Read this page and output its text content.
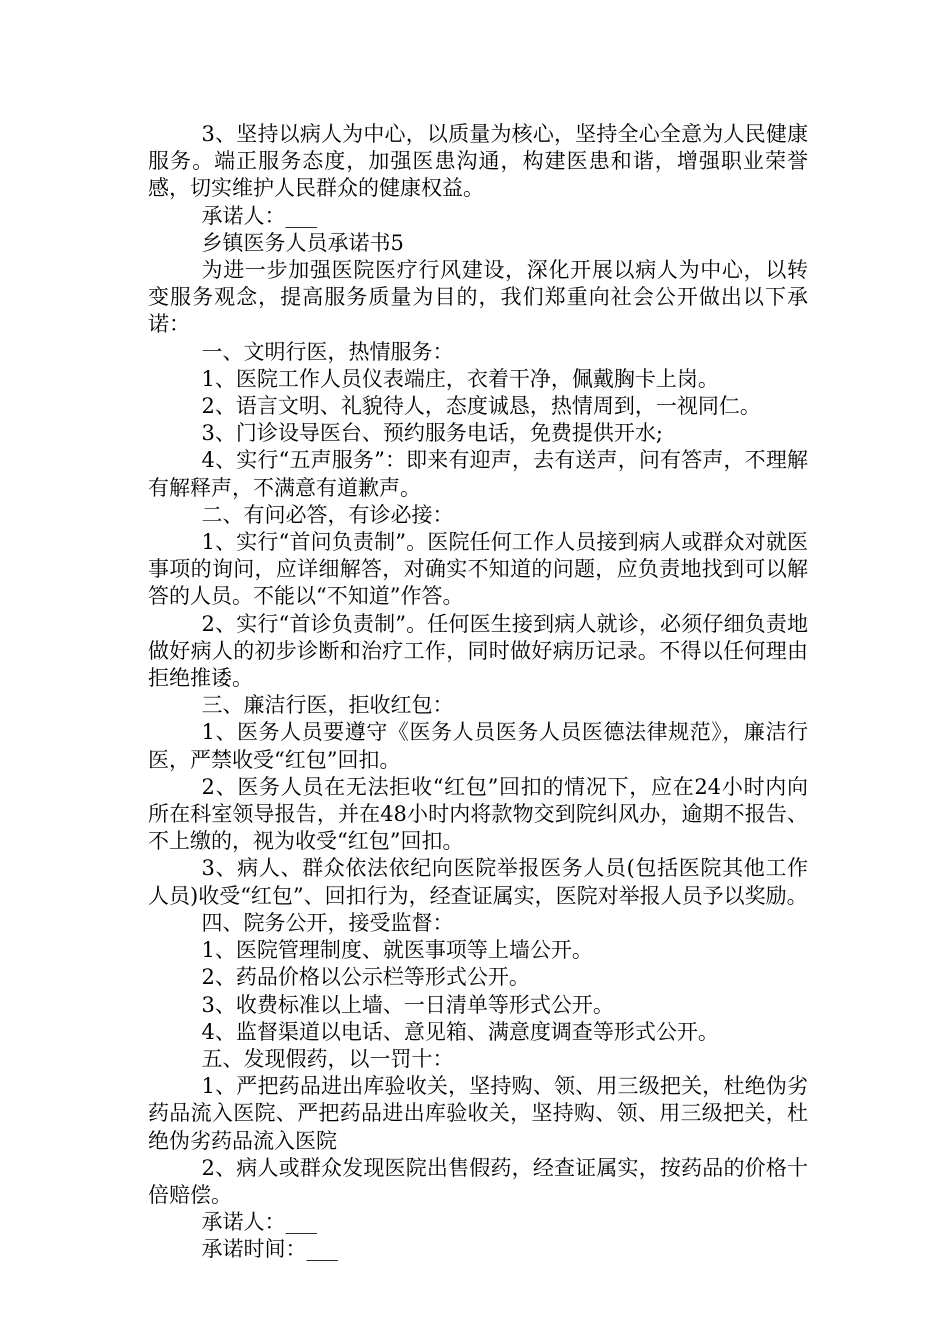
3、坚持以病人为中心，以质量为核心，坚持全心全意为人民健康服务。端正服务态度，加强医患沟通，构建医患和谐，增强职业荣誉感，切实维护人民群众的健康权益。

承诺人：___

乡镇医务人员承诺书5

为进一步加强医院医疗行风建设，深化开展以病人为中心，以转变服务观念，提高服务质量为目的，我们郑重向社会公开做出以下承诺：

一、文明行医，热情服务：

1、医院工作人员仪表端庄，衣着干净，佩戴胸卡上岗。

2、语言文明、礼貌待人，态度诚恳，热情周到，一视同仁。

3、门诊设导医台、预约服务电话，免费提供开水;

4、实行“五声服务”：即来有迎声，去有送声，问有答声，不理解有解释声，不满意有道歉声。

二、有问必答，有诊必接：

1、实行“首问负责制”。医院任何工作人员接到病人或群众对就医事项的询问，应详细解答，对确实不知道的问题，应负责地找到可以解答的人员。不能以“不知道”作答。

2、实行“首诊负责制”。任何医生接到病人就诊，必须仔细负责地做好病人的初步诊断和治疗工作，同时做好病历记录。不得以任何理由拒绝推诿。

三、廉洁行医，拒收红包：

1、医务人员要遵守《医务人员医务人员医德法律规范》，廉洁行医，严禁收受“红包”回扣。

2、医务人员在无法拒收“红包”回扣的情况下，应在24小时内向所在科室领导报告，并在48小时内将款物交到院纠风办，逾期不报告、不上缴的，视为收受“红包”回扣。

3、病人、群众依法依纪向医院举报医务人员(包括医院其他工作人员)收受“红包”、回扣行为，经查证属实，医院对举报人员予以奖励。

四、院务公开，接受监督：

1、医院管理制度、就医事项等上墙公开。

2、药品价格以公示栏等形式公开。

3、收费标准以上墙、一日清单等形式公开。

4、监督渠道以电话、意见箱、满意度调查等形式公开。

五、发现假药，以一罚十：

1、严把药品进出库验收关，坚持购、领、用三级把关，杜绝伪劣药品流入医院、严把药品进出库验收关，坚持购、领、用三级把关，杜绝伪劣药品流入医院

2、病人或群众发现医院出售假药，经查证属实，按药品的价格十倍赔偿。

承诺人：___

承诺时间：___
